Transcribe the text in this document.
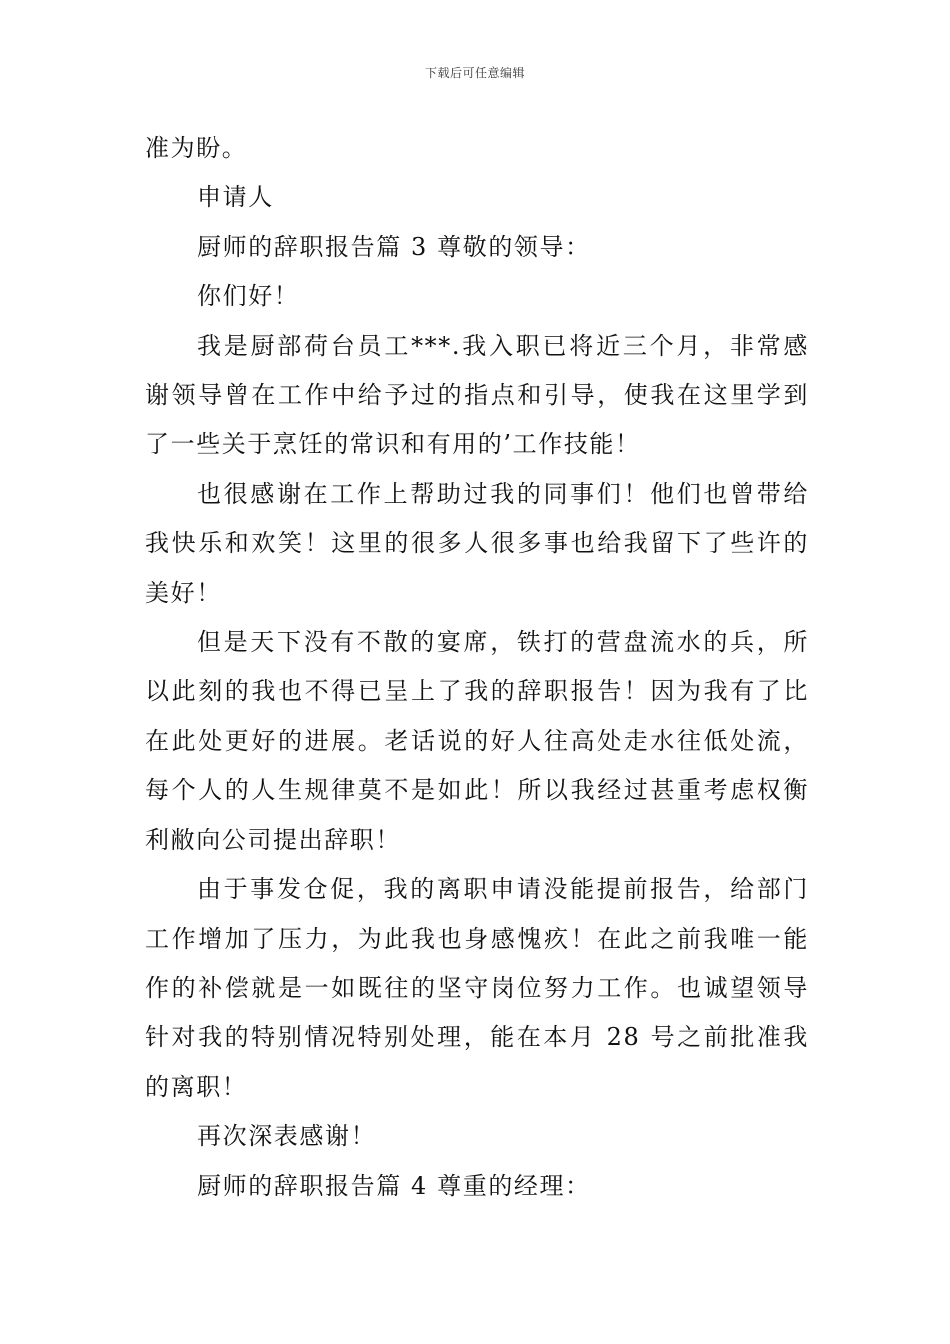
下载后可任意编辑

准为盼。

申请人

厨师的辞职报告篇 3 尊敬的领导：

你们好！

我是厨部荷台员工***.我入职已将近三个月，非常感谢领导曾在工作中给予过的指点和引导，使我在这里学到了一些关于烹饪的常识和有用的’工作技能！

也很感谢在工作上帮助过我的同事们！他们也曾带给我快乐和欢笑！这里的很多人很多事也给我留下了些许的美好！

但是天下没有不散的宴席，铁打的营盘流水的兵，所以此刻的我也不得已呈上了我的辞职报告！因为我有了比在此处更好的进展。老话说的好人往高处走水往低处流，每个人的人生规律莫不是如此！所以我经过甚重考虑权衡利敝向公司提出辞职！

由于事发仓促，我的离职申请没能提前报告，给部门工作增加了压力，为此我也身感愧疚！在此之前我唯一能作的补偿就是一如既往的坚守岗位努力工作。也诚望领导针对我的特别情况特别处理，能在本月 28 号之前批准我的离职！

再次深表感谢！

厨师的辞职报告篇 4 尊重的经理：
